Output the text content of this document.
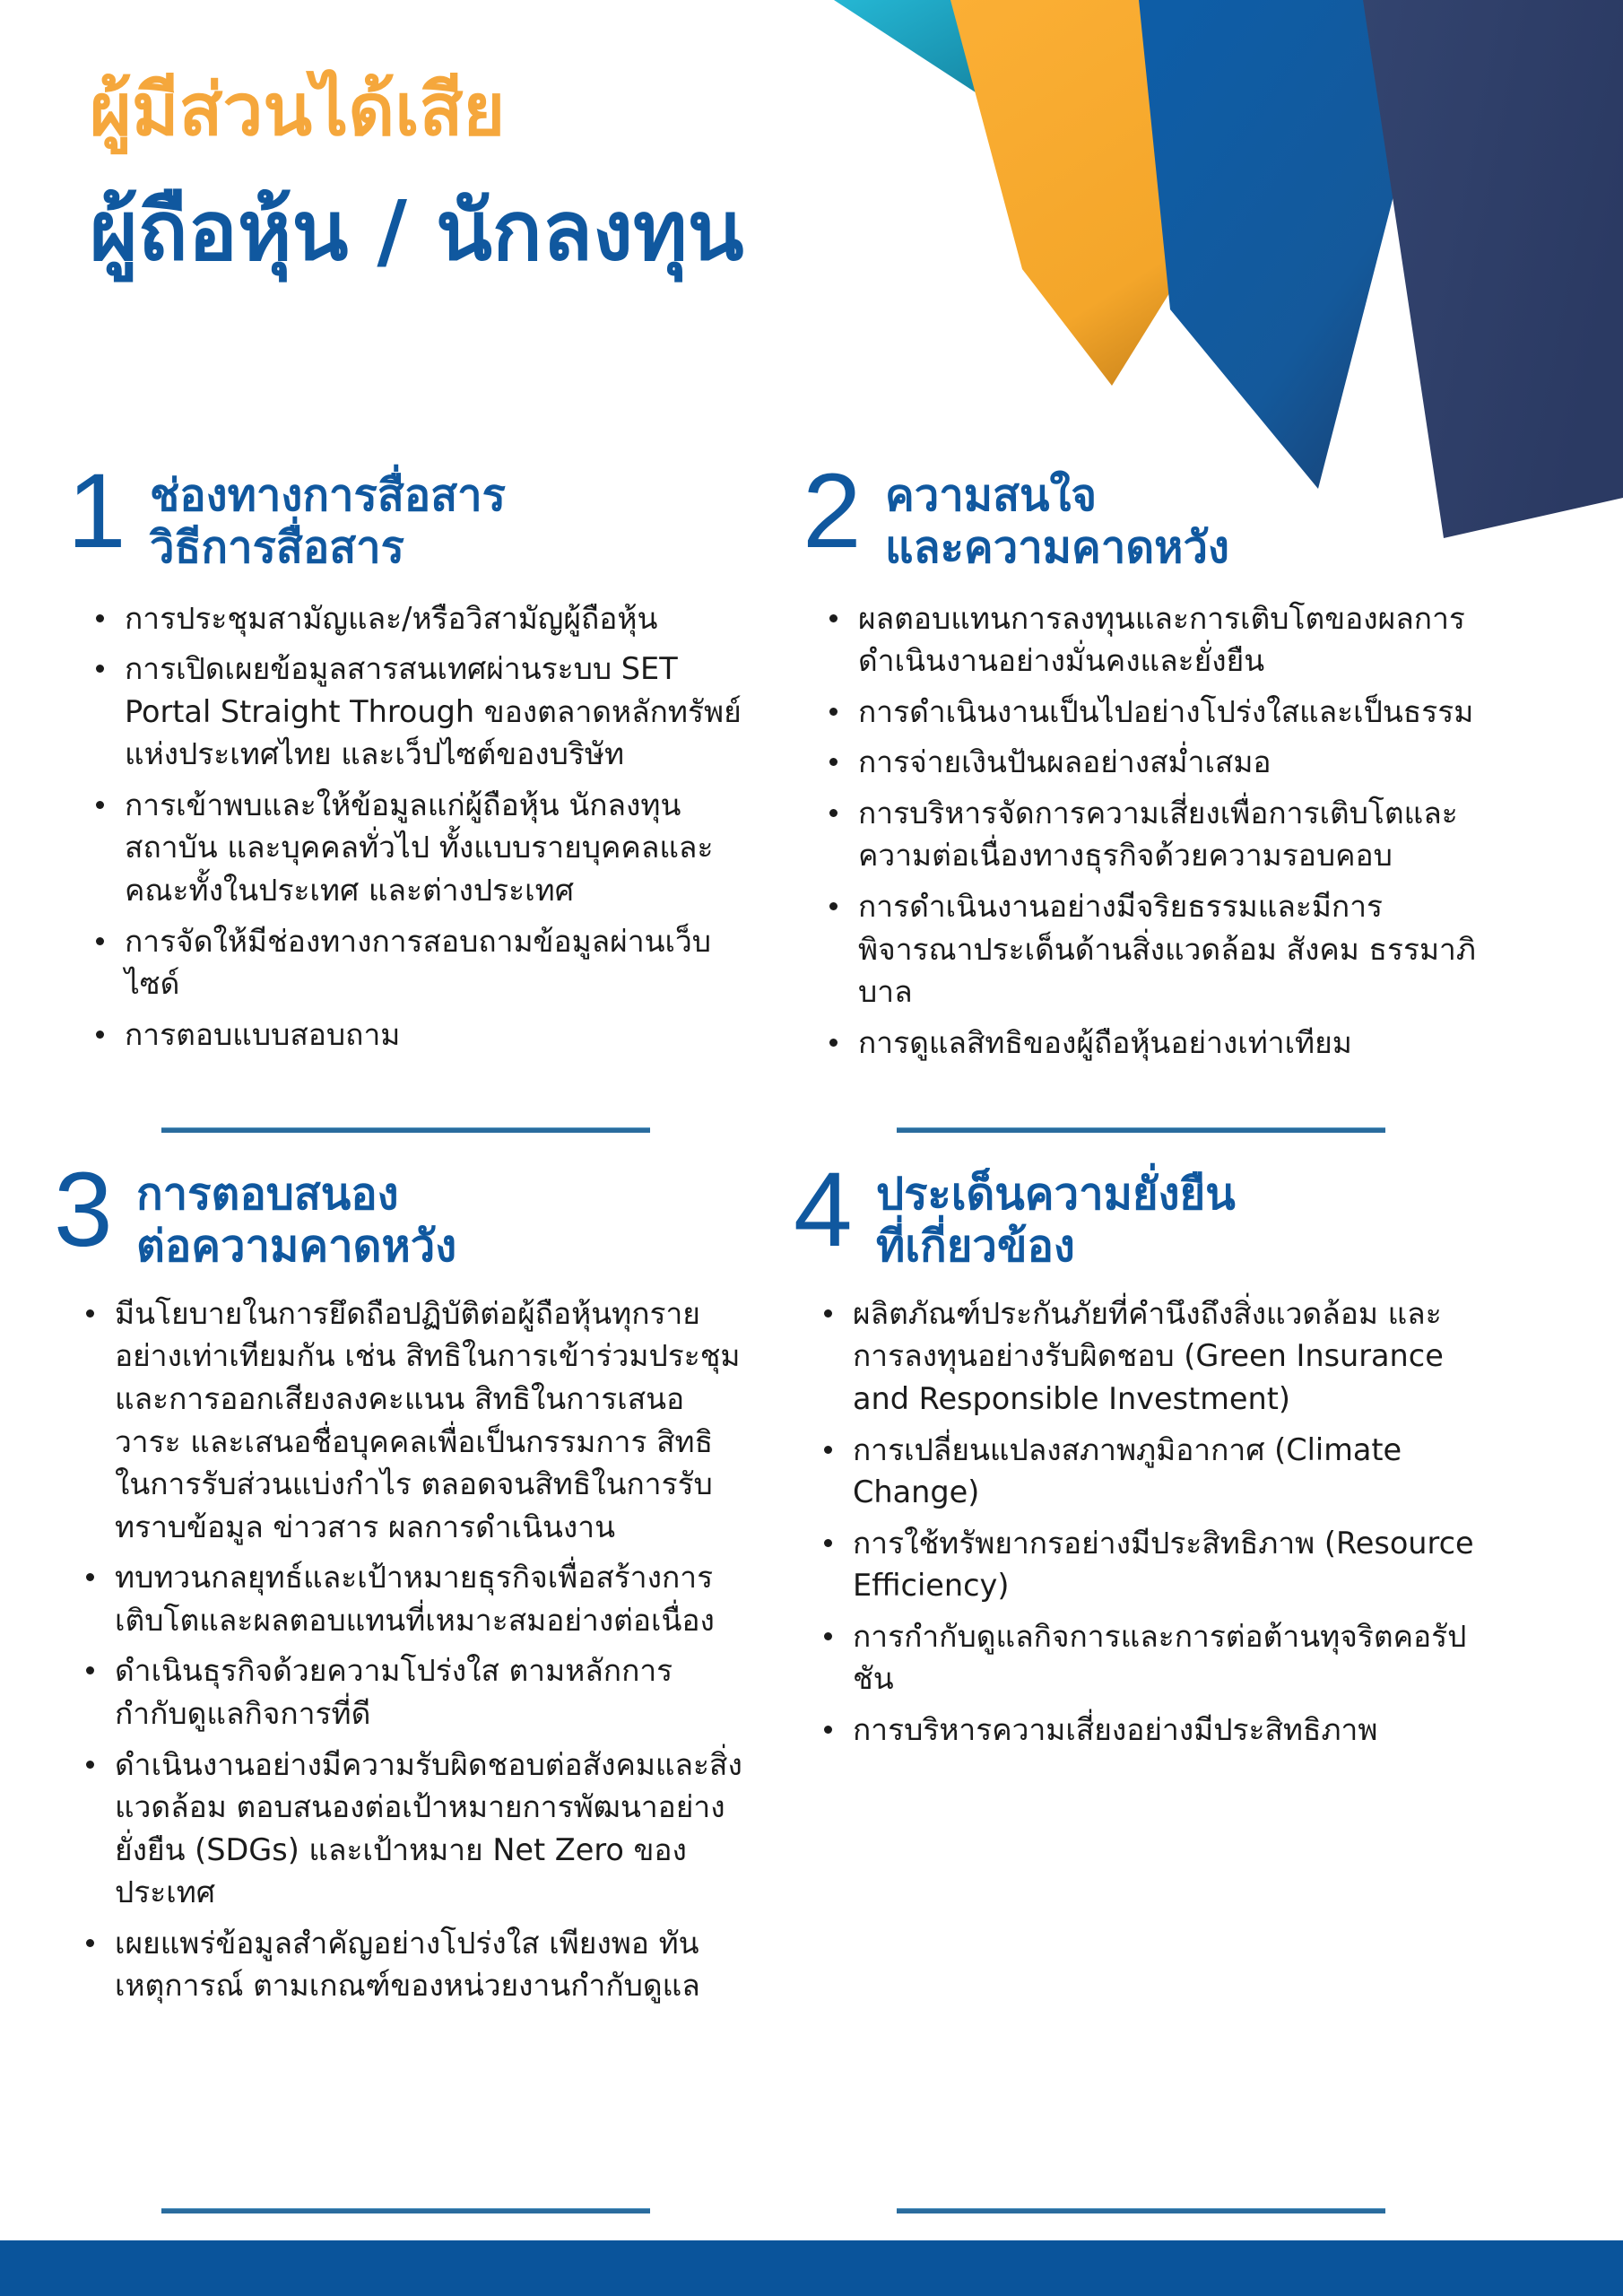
ผู้มีส่วนได้เสีย
ผู้ถือหุ้น / นักลงทุน
1 ช่องทางการสื่อสาร
วิธีการสื่อสาร
การประชุมสามัญและ/หรือวิสามัญผู้ถือหุ้น
การเปิดเผยข้อมูลสารสนเทศผ่านระบบ SET Portal Straight Through ของตลาดหลักทรัพย์แห่งประเทศไทย และเว็ปไซต์ของบริษัท
การเข้าพบและให้ข้อมูลแก่ผู้ถือหุ้น นักลงทุนสถาบัน และบุคคลทั่วไป ทั้งแบบรายบุคคลและคณะทั้งในประเทศ และต่างประเทศ
การจัดให้มีช่องทางการสอบถามข้อมูลผ่านเว็บไซด์
การตอบแบบสอบถาม
2 ความสนใจ
และความคาดหวัง
ผลตอบแทนการลงทุนและการเติบโตของผลการดำเนินงานอย่างมั่นคงและยั่งยืน
การดำเนินงานเป็นไปอย่างโปร่งใสและเป็นธรรม
การจ่ายเงินปันผลอย่างสม่ำเสมอ
การบริหารจัดการความเสี่ยงเพื่อการเติบโตและความต่อเนื่องทางธุรกิจด้วยความรอบคอบ
การดำเนินงานอย่างมีจริยธรรมและมีการพิจารณาประเด็นด้านสิ่งแวดล้อม สังคม ธรรมาภิบาล
การดูแลสิทธิของผู้ถือหุ้นอย่างเท่าเทียม
3 การตอบสนอง
ต่อความคาดหวัง
มีนโยบายในการยึดถือปฏิบัติต่อผู้ถือหุ้นทุกรายอย่างเท่าเทียมกัน เช่น สิทธิในการเข้าร่วมประชุมและการออกเสียงลงคะแนน สิทธิในการเสนอวาระ และเสนอชื่อบุคคลเพื่อเป็นกรรมการ สิทธิในการรับส่วนแบ่งกำไร ตลอดจนสิทธิในการรับทราบข้อมูล ข่าวสาร ผลการดำเนินงาน
ทบทวนกลยุทธ์และเป้าหมายธุรกิจเพื่อสร้างการเติบโตและผลตอบแทนที่เหมาะสมอย่างต่อเนื่อง
ดำเนินธุรกิจด้วยความโปร่งใส ตามหลักการกำกับดูแลกิจการที่ดี
ดำเนินงานอย่างมีความรับผิดชอบต่อสังคมและสิ่งแวดล้อม ตอบสนองต่อเป้าหมายการพัฒนาอย่างยั่งยืน (SDGs) และเป้าหมาย Net Zero ของประเทศ
เผยแพร่ข้อมูลสำคัญอย่างโปร่งใส เพียงพอ ทันเหตุการณ์ ตามเกณฑ์ของหน่วยงานกำกับดูแล
4 ประเด็นความยั่งยืน
ที่เกี่ยวข้อง
ผลิตภัณฑ์ประกันภัยที่คำนึงถึงสิ่งแวดล้อม และการลงทุนอย่างรับผิดชอบ (Green Insurance and Responsible Investment)
การเปลี่ยนแปลงสภาพภูมิอากาศ (Climate Change)
การใช้ทรัพยากรอย่างมีประสิทธิภาพ (Resource Efficiency)
การกำกับดูแลกิจการและการต่อต้านทุจริตคอรัปชัน
การบริหารความเสี่ยงอย่างมีประสิทธิภาพ
